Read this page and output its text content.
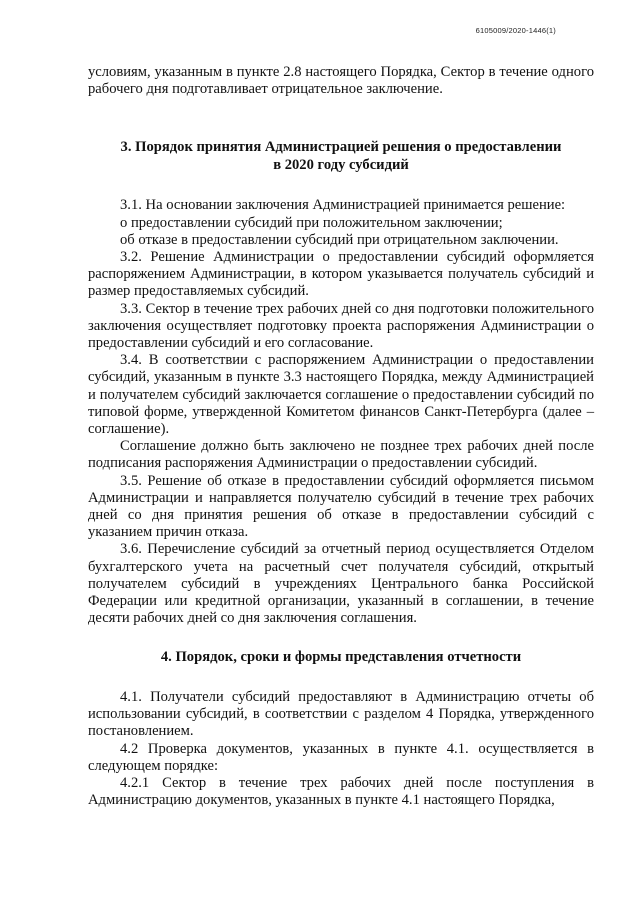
6105009/2020-1446(1)

условиям, указанным в пункте 2.8 настоящего Порядка, Сектор в течение одного рабочего дня подготавливает отрицательное заключение.

3. Порядок принятия Администрацией решения о предоставлении
в 2020 году субсидий

3.1. На основании заключения Администрацией принимается решение:

о предоставлении субсидий при положительном заключении;

об отказе в предоставлении субсидий при отрицательном заключении.

3.2. Решение Администрации о предоставлении субсидий оформляется распоряжением Администрации, в котором указывается получатель субсидий и размер предоставляемых субсидий.

3.3. Сектор в течение трех рабочих дней со дня подготовки положительного заключения осуществляет подготовку проекта распоряжения Администрации о предоставлении субсидий и его согласование.

3.4. В соответствии с распоряжением Администрации о предоставлении субсидий, указанным в пункте 3.3 настоящего Порядка, между Администрацией и получателем субсидий заключается соглашение о предоставлении субсидий по типовой форме, утвержденной Комитетом финансов Санкт-Петербурга (далее – соглашение).

Соглашение должно быть заключено не позднее трех рабочих дней после подписания распоряжения Администрации о предоставлении субсидий.

3.5. Решение об отказе в предоставлении субсидий оформляется письмом Администрации и направляется получателю субсидий в течение трех рабочих дней со дня принятия решения об отказе в предоставлении субсидий с указанием причин отказа.

3.6. Перечисление субсидий за отчетный период осуществляется Отделом бухгалтерского учета на расчетный счет получателя субсидий, открытый получателем субсидий в учреждениях Центрального банка Российской Федерации или кредитной организации, указанный в соглашении, в течение десяти рабочих дней со дня заключения соглашения.

4. Порядок, сроки и формы представления отчетности

4.1. Получатели субсидий предоставляют в Администрацию отчеты об использовании субсидий, в соответствии с разделом 4 Порядка, утвержденного постановлением.

4.2 Проверка документов, указанных в пункте 4.1. осуществляется в следующем порядке:

4.2.1 Сектор в течение трех рабочих дней после поступления в Администрацию документов, указанных в пункте 4.1 настоящего Порядка,
